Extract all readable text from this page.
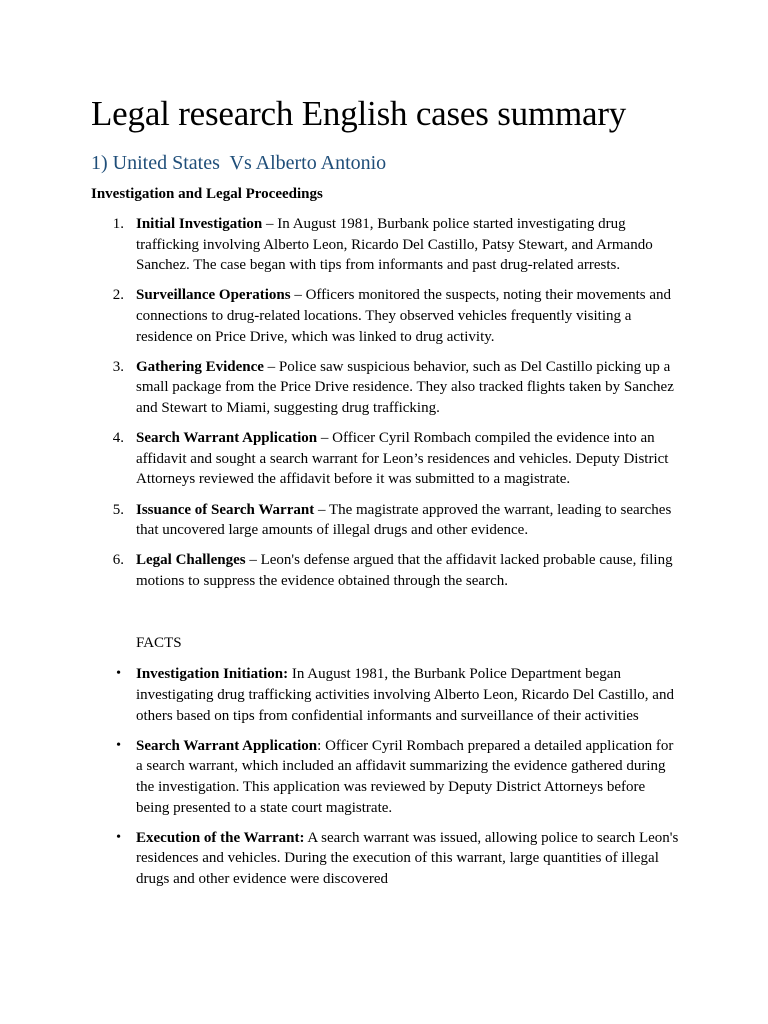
Legal research English cases summary
1) United States  Vs Alberto Antonio
Investigation and Legal Proceedings
1. Initial Investigation – In August 1981, Burbank police started investigating drug trafficking involving Alberto Leon, Ricardo Del Castillo, Patsy Stewart, and Armando Sanchez. The case began with tips from informants and past drug-related arrests.
2. Surveillance Operations – Officers monitored the suspects, noting their movements and connections to drug-related locations. They observed vehicles frequently visiting a residence on Price Drive, which was linked to drug activity.
3. Gathering Evidence – Police saw suspicious behavior, such as Del Castillo picking up a small package from the Price Drive residence. They also tracked flights taken by Sanchez and Stewart to Miami, suggesting drug trafficking.
4. Search Warrant Application – Officer Cyril Rombach compiled the evidence into an affidavit and sought a search warrant for Leon’s residences and vehicles. Deputy District Attorneys reviewed the affidavit before it was submitted to a magistrate.
5. Issuance of Search Warrant – The magistrate approved the warrant, leading to searches that uncovered large amounts of illegal drugs and other evidence.
6. Legal Challenges – Leon's defense argued that the affidavit lacked probable cause, filing motions to suppress the evidence obtained through the search.
FACTS
• Investigation Initiation: In August 1981, the Burbank Police Department began investigating drug trafficking activities involving Alberto Leon, Ricardo Del Castillo, and others based on tips from confidential informants and surveillance of their activities
• Search Warrant Application: Officer Cyril Rombach prepared a detailed application for a search warrant, which included an affidavit summarizing the evidence gathered during the investigation. This application was reviewed by Deputy District Attorneys before being presented to a state court magistrate.
• Execution of the Warrant: A search warrant was issued, allowing police to search Leon's residences and vehicles. During the execution of this warrant, large quantities of illegal drugs and other evidence were discovered
